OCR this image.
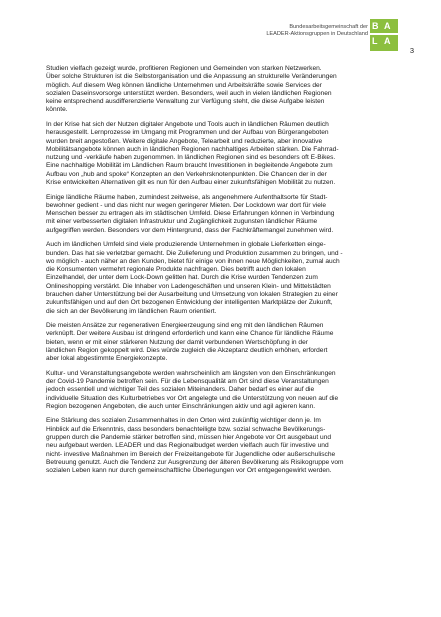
Bundesarbeitsgemeinschaft der
LEADER-Aktionsgruppen in Deutschland
B A
L A
3
Studien vielfach gezeigt wurde, profitieren Regionen und Gemeinden von starken Netzwerken.
Über solche Strukturen ist die Selbstorganisation und die Anpassung an strukturelle Veränderungen
möglich. Auf diesem Weg können ländliche Unternehmen und Arbeitskräfte sowie Services der
sozialen Daseinsvorsorge unterstützt werden. Besonders, weil auch in vielen ländlichen Regionen
keine entsprechend ausdifferenzierte Verwaltung zur Verfügung steht, die diese Aufgabe leisten
könnte.
In der Krise hat sich der Nutzen digitaler Angebote und Tools auch in ländlichen Räumen deutlich
herausgestellt. Lernprozesse im Umgang mit Programmen und der Aufbau von Bürgerangeboten
wurden breit angestoßen. Weitere digitale Angebote, Telearbeit und reduzierte, aber innovative
Mobilitätsangebote können auch in ländlichen Regionen nachhaltiges Arbeiten stärken. Die Fahrrad-
nutzung und -verkäufe haben zugenommen. In ländlichen Regionen sind es besonders oft E-Bikes.
Eine nachhaltige Mobilität im Ländlichen Raum braucht Investitionen in begleitende Angebote zum
Aufbau von „hub and spoke“ Konzepten an den Verkehrsknotenpunkten. Die Chancen der in der
Krise entwickelten Alternativen gilt es nun für den Aufbau einer zukunftsfähigen Mobilität zu nutzen.
Einige ländliche Räume haben, zumindest zeitweise, als angenehmere Aufenthaltsorte für Stadt-
bewohner gedient - und das nicht nur wegen geringerer Mieten. Der Lockdown war dort für viele
Menschen besser zu ertragen als im städtischen Umfeld. Diese Erfahrungen können in Verbindung
mit einer verbesserten digitalen Infrastruktur und Zugänglichkeit zugunsten ländlicher Räume
aufgegriffen werden. Besonders vor dem Hintergrund, dass der Fachkräftemangel zunehmen wird.
Auch im ländlichen Umfeld sind viele produzierende Unternehmen in globale Lieferketten einge-
bunden. Das hat sie verletzbar gemacht. Die Zulieferung und Produktion zusammen zu bringen, und -
wo möglich - auch näher an den Kunden, bietet für einige von ihnen neue Möglichkeiten, zumal auch
die Konsumenten vermehrt regionale Produkte nachfragen. Dies betrifft auch den lokalen
Einzelhandel, der unter dem Lock-Down gelitten hat. Durch die Krise wurden Tendenzen zum
Onlineshopping verstärkt. Die Inhaber von Ladengeschäften und unseren Klein- und Mittelstädten
brauchen daher Unterstützung bei der Ausarbeitung und Umsetzung von lokalen Strategien zu einer
zukunftsfähigen und auf den Ort bezogenen Entwicklung der intelligenten Marktplätze der Zukunft,
die sich an der Bevölkerung im ländlichen Raum orientiert.
Die meisten Ansätze zur regenerativen Energieerzeugung sind eng mit den ländlichen Räumen
verknüpft. Der weitere Ausbau ist dringend erforderlich und kann eine Chance für ländliche Räume
bieten, wenn er mit einer stärkeren Nutzung der damit verbundenen Wertschöpfung in der
ländlichen Region gekoppelt wird. Dies würde zugleich die Akzeptanz deutlich erhöhen, erfordert
aber lokal abgestimmte Energiekonzepte.
Kultur- und Veranstaltungsangebote werden wahrscheinlich am längsten von den Einschränkungen
der Covid-19 Pandemie betroffen sein. Für die Lebensqualität am Ort sind diese Veranstaltungen
jedoch essentiell und wichtiger Teil des sozialen Miteinanders. Daher bedarf es einer auf die
individuelle Situation des Kulturbetriebes vor Ort angelegte und die Unterstützung von neuen auf die
Region bezogenen Angeboten, die auch unter Einschränkungen aktiv und agil agieren kann.
Eine Stärkung des sozialen Zusammenhaltes in den Orten wird zukünftig wichtiger denn je. Im
Hinblick auf die Erkenntnis, dass besonders benachteiligte bzw. sozial schwache Bevölkerungs-
gruppen durch die Pandemie stärker betroffen sind, müssen hier Angebote vor Ort ausgebaut und
neu aufgebaut werden. LEADER und das Regionalbudget werden vielfach auch für investive und
nicht- investive Maßnahmen im Bereich der Freizeitangebote für Jugendliche oder außerschulische
Betreuung genutzt. Auch die Tendenz zur Ausgrenzung der älteren Bevölkerung als Risikogruppe vom
sozialen Leben kann nur durch gemeinschaftliche Überlegungen vor Ort entgegengewirkt werden.
